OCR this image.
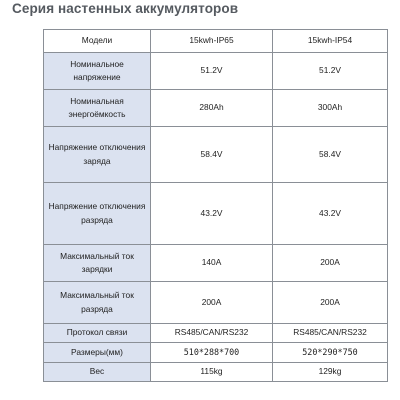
Серия настенных аккумуляторов
Модели	15kwh-IP65	15kwh-IP54
Номинальное напряжение	51.2V	51.2V
Номинальная энергоёмкость	280Ah	300Ah
Напряжение отключения заряда	58.4V	58.4V
Напряжение отключения разряда	43.2V	43.2V
Максимальный ток зарядки	140A	200A
Максимальный ток разряда	200A	200A
Протокол связи	RS485/CAN/RS232	RS485/CAN/RS232
Размеры(мм)	510*288*700	520*290*750
Вес	115kg	129kg
